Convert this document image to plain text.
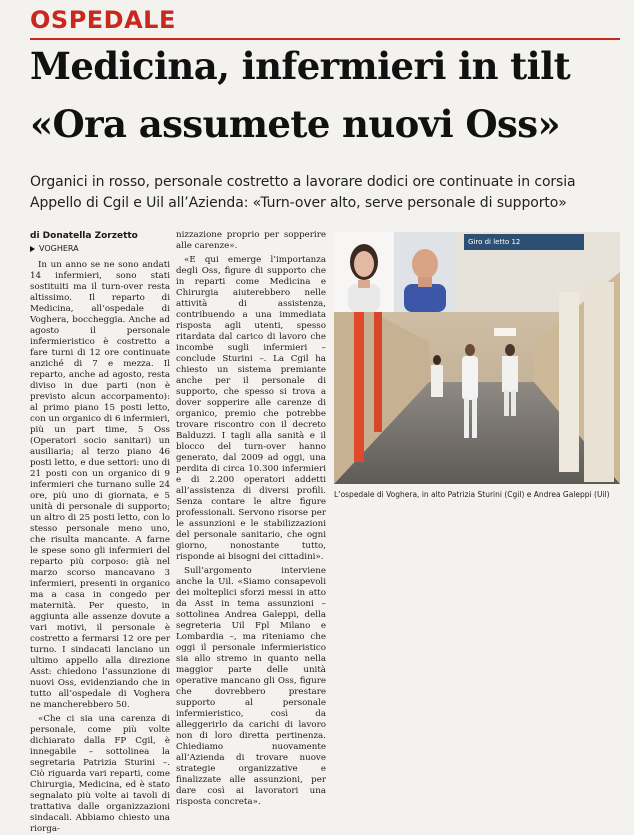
OSPEDALE
Medicina, infermieri in tilt
«Ora assumete nuovi Oss»
Organici in rosso, personale costretto a lavorare dodici ore continuate in corsia
Appello di Cgil e Uil all’Azienda: «Turn-over alto, serve personale di supporto»
di Donatella Zorzetto
VOGHERA

In un anno se ne sono andati 14 infermieri, sono stati sostituiti ma il turn-over resta altissimo. Il reparto di Medicina, all’ospedale di Voghera, boccheggia. Anche ad agosto il personale infermieristico è costretto a fare turni di 12 ore continuate anziché di 7 e mezza. Il reparto, anche ad agosto, resta diviso in due parti (non è previsto alcun accorpamento): al primo piano 15 posti letto, con un organico di 6 infermieri, più un part time, 5 Oss (Operatori socio sanitari) un ausiliaria; al terzo piano 46 posti letto, e due settori: uno di 21 posti con un organico di 9 infermieri che turnano sulle 24 ore, più uno di giornata, e 5 unità di personale di supporto; un altro di 25 posti letto, con lo stesso personale meno uno, che risulta mancante. A farne le spese sono gli infermieri del reparto più corposo: già nel marzo scorso mancavano 3 infermieri, presenti in organico ma a casa in congedo per maternità. Per questo, in aggiunta alle assenze dovute a vari motivi, il personale è costretto a fermarsi 12 ore per turno. I sindacati lanciano un ultimo appello alla direzione Asst: chiedono l’assunzione di nuovi Oss, evidenziando che in tutto all’ospedale di Voghera ne mancherebbero 50.

«Che ci sia una carenza di personale, come più volte dichiarato dalla FP Cgil, è innegabile – sottolinea la segretaria Patrizia Sturini –. Ciò riguarda vari reparti, come Chirurgia, Medicina, ed è stato segnalato più volte ai tavoli di trattativa dalle organizzazioni sindacali. Abbiamo chiesto una riorga-

nizzazione proprio per sopperire alle carenze».

«E qui emerge l’importanza degli Oss, figure di supporto che in reparti come Medicina e Chirurgia aiuterebbero nelle attività di assistenza, contribuendo a una immediata risposta agli utenti, spesso ritardata dal carico di lavoro che incombe sugli infermieri – conclude Sturini –. La Cgil ha chiesto un sistema premiante anche per il personale di supporto, che spesso si trova a dover sopperire alle carenze di organico, premio che potrebbe trovare riscontro con il decreto Balduzzi. I tagli alla sanità e il blocco del turn-over hanno generato, dal 2009 ad oggi, una perdita di circa 10.300 infermieri e di 2.200 operatori addetti all’assistenza di diversi profili. Senza contare le altre figure professionali. Servono risorse per le assunzioni e le stabilizzazioni del personale sanitario, che ogni giorno, nonostante tutto, risponde ai bisogni dei cittadini».

Sull’argomento interviene anche la Uil. «Siamo consapevoli dei molteplici sforzi messi in atto da Asst in tema assunzioni – sottolinea Andrea Galeppi, della segreteria Uil Fpl Milano e Lombardia –, ma riteniamo che oggi il personale infermieristico sia allo stremo in quanto nella maggior parte delle unità operative mancano gli Oss, figure che dovrebbero prestare supporto al personale infermieristico, così da alleggerirlo da carichi di lavoro non di loro diretta pertinenza. Chiediamo nuovamente all’Azienda di trovare nuove strategie organizzative e finalizzate alle assunzioni, per dare così ai lavoratori una risposta concreta».

Giro di letto 12
L’ospedale di Voghera, in alto Patrizia Sturini (Cgil) e Andrea Galeppi (Uil)
